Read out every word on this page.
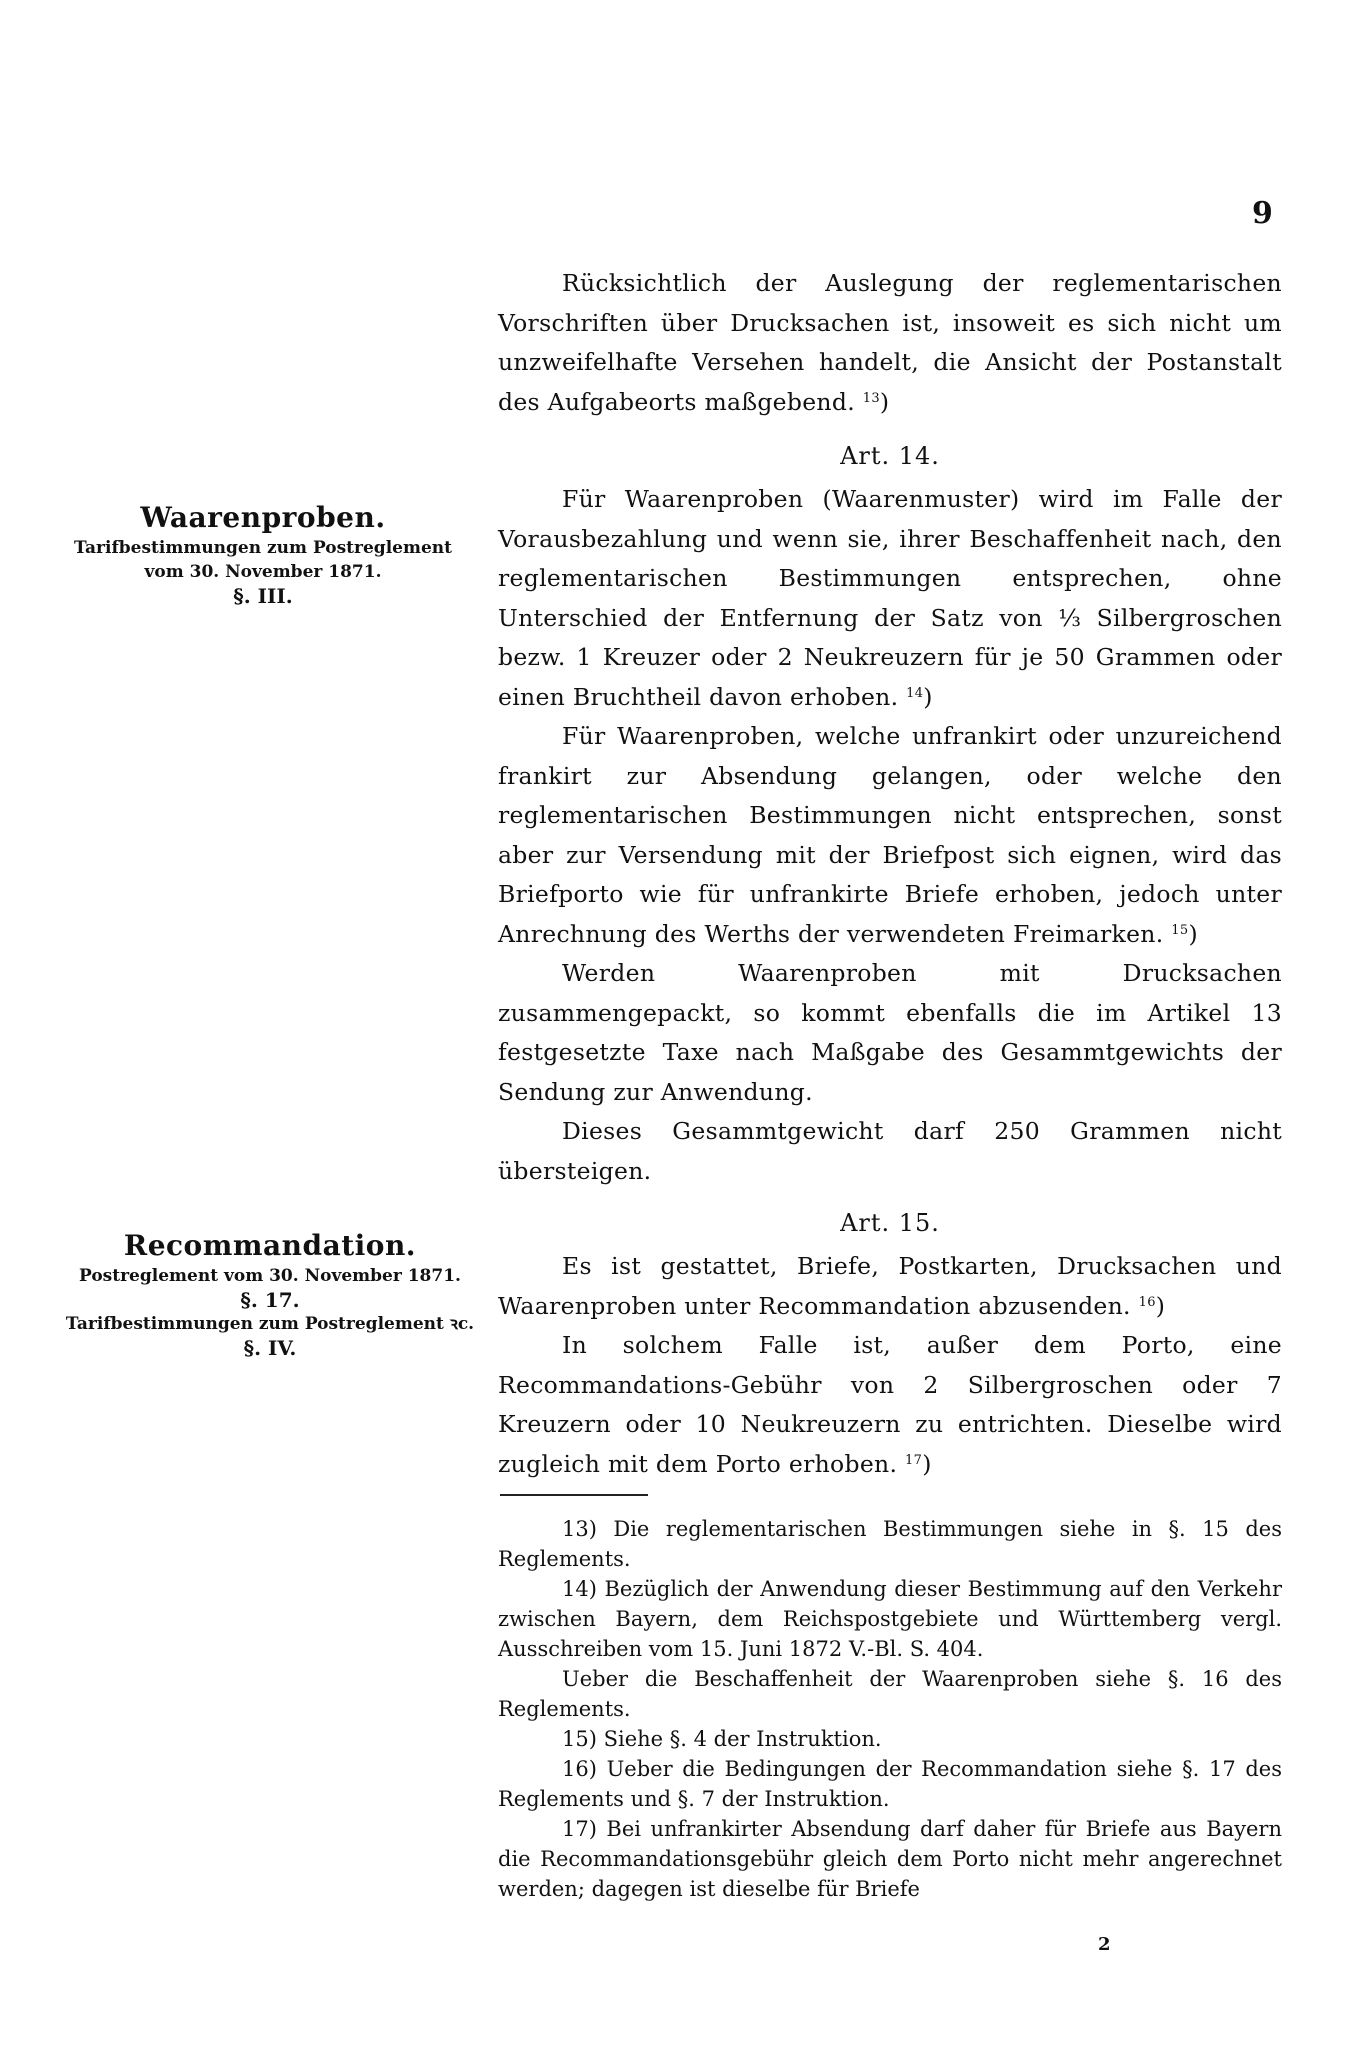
9
Waarenproben.
Tarifbestimmungen zum Postreglement
vom 30. November 1871.
§. III.
Recommandation.
Postreglement vom 30. November 1871.
§. 17.
Tarifbestimmungen zum Postreglement ꝛc.
§. IV.

Rücksichtlich der Auslegung der reglementarischen Vorschriften über Drucksachen ist, insoweit es sich nicht um unzweifelhafte Versehen handelt, die Ansicht der Postanstalt des Aufgabeorts maßgebend. $^{13}$)

Art. 14.

Für Waarenproben (Waarenmuster) wird im Falle der Vorausbezahlung und wenn sie, ihrer Beschaffenheit nach, den reglementarischen Bestimmungen entsprechen, ohne Unterschied der Entfernung der Satz von ⅓ Silbergroschen bezw. 1 Kreuzer oder 2 Neukreuzern für je 50 Grammen oder einen Bruchtheil davon erhoben. $^{14}$)

Für Waarenproben, welche unfrankirt oder unzureichend frankirt zur Absendung gelangen, oder welche den reglementarischen Bestimmungen nicht entsprechen, sonst aber zur Versendung mit der Briefpost sich eignen, wird das Briefporto wie für unfrankirte Briefe erhoben, jedoch unter Anrechnung des Werths der verwendeten Freimarken. $^{15}$)

Werden Waarenproben mit Drucksachen zusammengepackt, so kommt ebenfalls die im Artikel 13 festgesetzte Taxe nach Maßgabe des Gesammtgewichts der Sendung zur Anwendung.

Dieses Gesammtgewicht darf 250 Grammen nicht übersteigen.

Art. 15.

Es ist gestattet, Briefe, Postkarten, Drucksachen und Waarenproben unter Recommandation abzusenden. $^{16}$)

In solchem Falle ist, außer dem Porto, eine Recommandations-Gebühr von 2 Silbergroschen oder 7 Kreuzern oder 10 Neukreuzern zu entrichten. Dieselbe wird zugleich mit dem Porto erhoben. $^{17}$)

13) Die reglementarischen Bestimmungen siehe in §. 15 des Reglements.

14) Bezüglich der Anwendung dieser Bestimmung auf den Verkehr zwischen Bayern, dem Reichspostgebiete und Württemberg vergl. Ausschreiben vom 15. Juni 1872 V.-Bl. S. 404.

Ueber die Beschaffenheit der Waarenproben siehe §. 16 des Reglements.

15) Siehe §. 4 der Instruktion.

16) Ueber die Bedingungen der Recommandation siehe §. 17 des Reglements und §. 7 der Instruktion.

17) Bei unfrankirter Absendung darf daher für Briefe aus Bayern die Recommandationsgebühr gleich dem Porto nicht mehr angerechnet werden; dagegen ist dieselbe für Briefe

2
